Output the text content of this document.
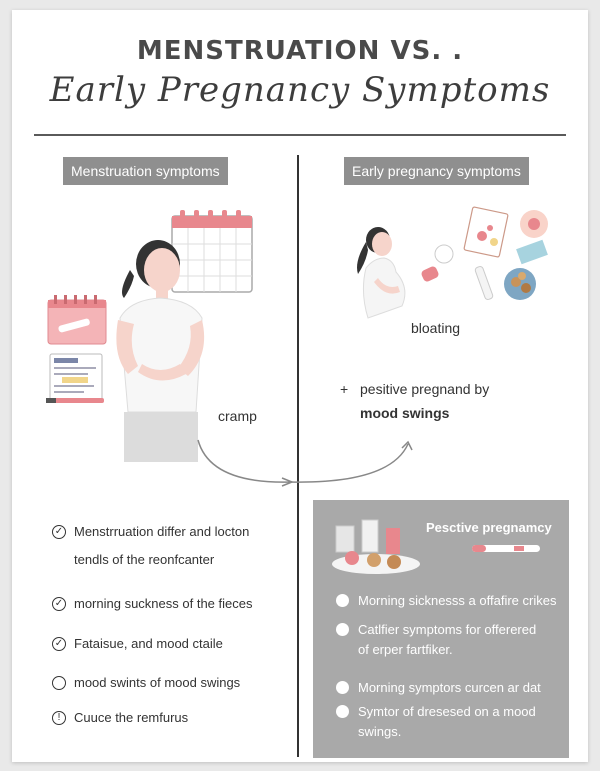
MENSTRUATION VS. .
Early Pregnancy Symptoms
Menstruation symptoms
cramp
✓ Menstrruation differ and locton
tendls of the reonfcanter
✓ morning suckness of the fieces
✓ Fataisue, and mood ctaile
mood swints of mood swings
!	Cuuce the remfurus
Early pregnancy symptoms
bloating
+ pesitive pregnand by
mood swings
Pesctive pregnamcy
Morning sicknesss a offafire crikes
Catlfier symptoms for offerered
of erper fartfiker.
Morning symptors curcen ar dat
Symtor of dresesed on a mood
swings.
